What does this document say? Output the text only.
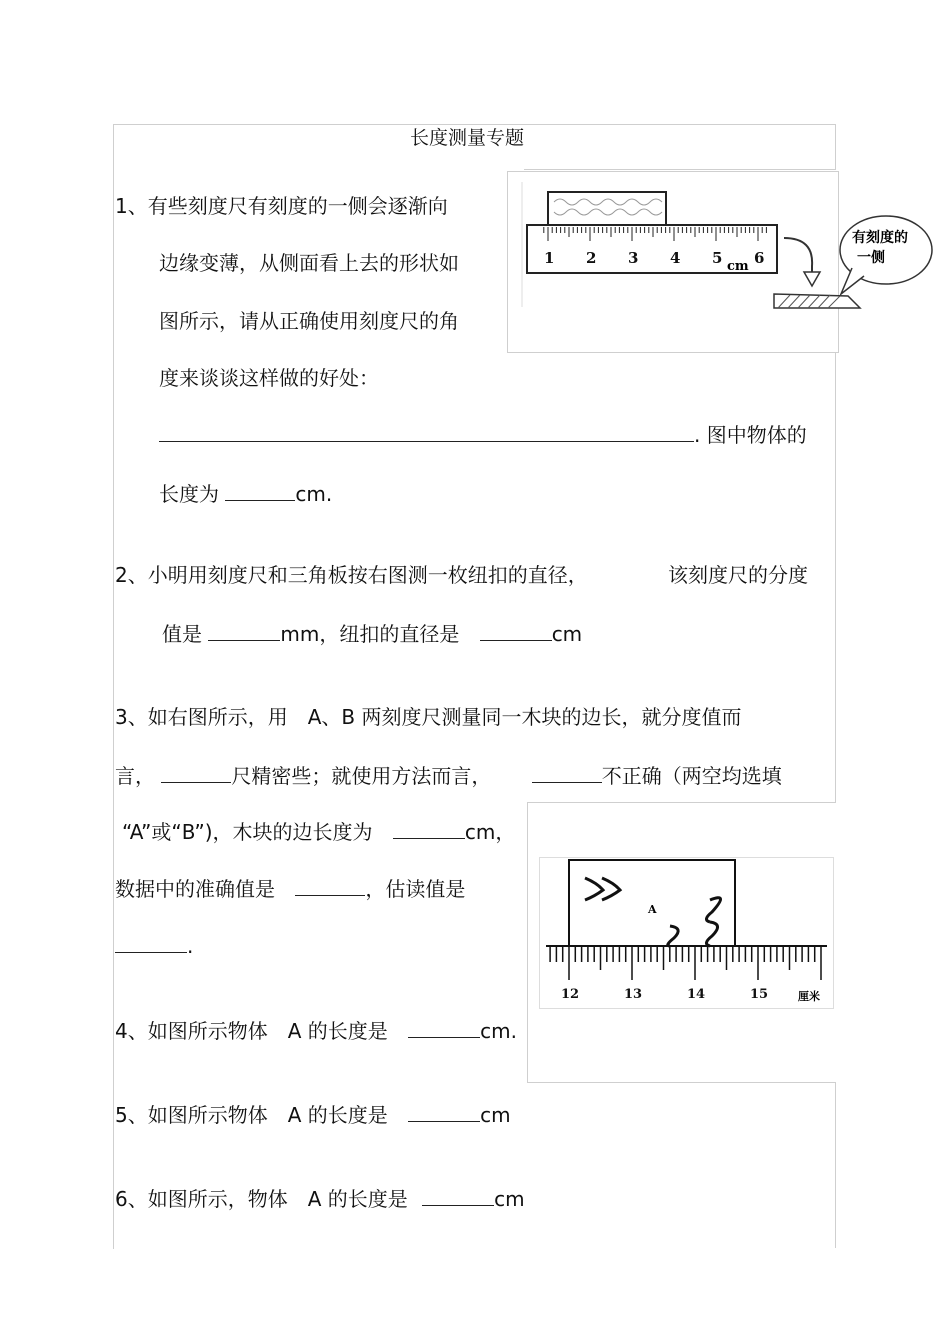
长度测量专题
1 2 3 4 5 6
cm
有刻度的
一侧
1、有些刻度尺有刻度的一侧会逐渐向
边缘变薄，从侧面看上去的形状如
图所示，请从正确使用刻度尺的角
度来谈谈这样做的好处：
. 图中物体的
长度为	cm.
2、小明用刻度尺和三角板按右图测一枚纽扣的直径，	该刻度尺的分度
值是	mm，纽扣的直径是	cm
3、如右图所示，用　A、B 两刻度尺测量同一木块的边长，就分度值而
言，	尺精密些；就使用方法而言，	不正确（两空均选填
“A”或“B”)，木块的边长度为	cm，
数据中的准确值是	，估读值是
.
A
12	13	14	15	厘米
4、如图所示物体　A 的长度是	cm.
5、如图所示物体　A 的长度是	cm
6、如图所示，物体　A 的长度是	cm
